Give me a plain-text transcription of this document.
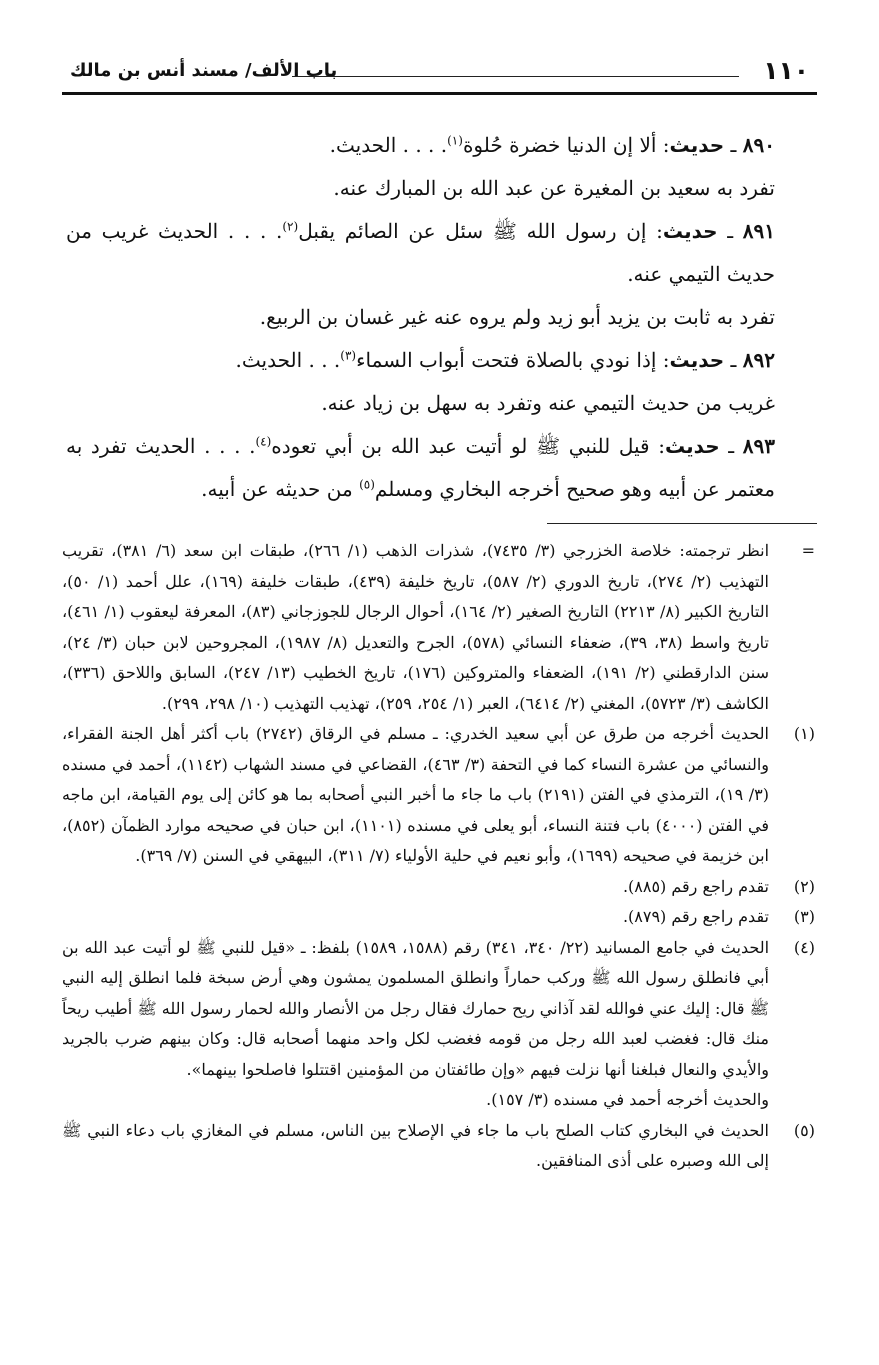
١١٠
باب الألف/ مسند أنس بن مالك

٨٩٠ ـ حديث: ألا إن الدنيا خضرة حُلوة$^{(١)}$. . . . الحديث.

تفرد به سعيد بن المغيرة عن عبد الله بن المبارك عنه.

٨٩١ ـ حديث: إن رسول الله ﷺ سئل عن الصائم يقبل$^{(٢)}$. . . . الحديث غريب من حديث التيمي عنه.

تفرد به ثابت بن يزيد أبو زيد ولم يروه عنه غير غسان بن الربيع.

٨٩٢ ـ حديث: إذا نودي بالصلاة فتحت أبواب السماء$^{(٣)}$. . . الحديث.

غريب من حديث التيمي عنه وتفرد به سهل بن زياد عنه.

٨٩٣ ـ حديث: قيل للنبي ﷺ لو أتيت عبد الله بن أبي تعوده$^{(٤)}$. . . . الحديث تفرد به معتمر عن أبيه وهو صحيح أخرجه البخاري ومسلم$^{(٥)}$ من حديثه عن أبيه.

=

انظر ترجمته: خلاصة الخزرجي (٣/ ٧٤٣٥)، شذرات الذهب (١/ ٢٦٦)، طبقات ابن سعد (٦/ ٣٨١)، تقريب التهذيب (٢/ ٢٧٤)، تاريخ الدوري (٢/ ٥٨٧)، تاريخ خليفة (٤٣٩)، طبقات خليفة (١٦٩)، علل أحمد (١/ ٥٠)، التاريخ الكبير (٨/ ٢٢١٣) التاريخ الصغير (٢/ ١٦٤)، أحوال الرجال للجوزجاني (٨٣)، المعرفة ليعقوب (١/ ٤٦١)، تاريخ واسط (٣٨، ٣٩)، ضعفاء النسائي (٥٧٨)، الجرح والتعديل (٨/ ١٩٨٧)، المجروحين لابن حبان (٣/ ٢٤)، سنن الدارقطني (٢/ ١٩١)، الضعفاء والمتروكين (١٧٦)، تاريخ الخطيب (١٣/ ٢٤٧)، السابق واللاحق (٣٣٦)، الكاشف (٣/ ٥٧٢٣)، المغني (٢/ ٦٤١٤)، العبر (١/ ٢٥٤، ٢٥٩)، تهذيب التهذيب (١٠/ ٢٩٨، ٢٩٩).

(١)

الحديث أخرجه من طرق عن أبي سعيد الخدري: ـ مسلم في الرقاق (٢٧٤٢) باب أكثر أهل الجنة الفقراء، والنسائي من عشرة النساء كما في التحفة (٣/ ٤٦٣)، القضاعي في مسند الشهاب (١١٤٢)، أحمد في مسنده (٣/ ١٩)، الترمذي في الفتن (٢١٩١) باب ما جاء ما أخبر النبي أصحابه بما هو كائن إلى يوم القيامة، ابن ماجه في الفتن (٤٠٠٠) باب فتنة النساء، أبو يعلى في مسنده (١١٠١)، ابن حبان في صحيحه موارد الظمآن (٨٥٢)، ابن خزيمة في صحيحه (١٦٩٩)، وأبو نعيم في حلية الأولياء (٧/ ٣١١)، البيهقي في السنن (٧/ ٣٦٩).

(٢)

تقدم راجع رقم (٨٨٥).

(٣)

تقدم راجع رقم (٨٧٩).

(٤)

الحديث في جامع المسانيد (٢٢/ ٣٤٠، ٣٤١) رقم (١٥٨٨، ١٥٨٩) بلفظ: ـ «قيل للنبي ﷺ لو أتيت عبد الله بن أبي فانطلق رسول الله ﷺ وركب حماراً وانطلق المسلمون يمشون وهي أرض سبخة فلما انطلق إليه النبي ﷺ قال: إليك عني فوالله لقد آذاني ريح حمارك فقال رجل من الأنصار والله لحمار رسول الله ﷺ أطيب ريحاً منك قال: فغضب لعبد الله رجل من قومه فغضب لكل واحد منهما أصحابه قال: وكان بينهم ضرب بالجريد والأيدي والنعال فبلغنا أنها نزلت فيهم «وإن طائفتان من المؤمنين اقتتلوا فاصلحوا بينهما».

والحديث أخرجه أحمد في مسنده (٣/ ١٥٧).

(٥)

الحديث في البخاري كتاب الصلح باب ما جاء في الإصلاح بين الناس، مسلم في المغازي باب دعاء النبي ﷺ إلى الله وصبره على أذى المنافقين.
